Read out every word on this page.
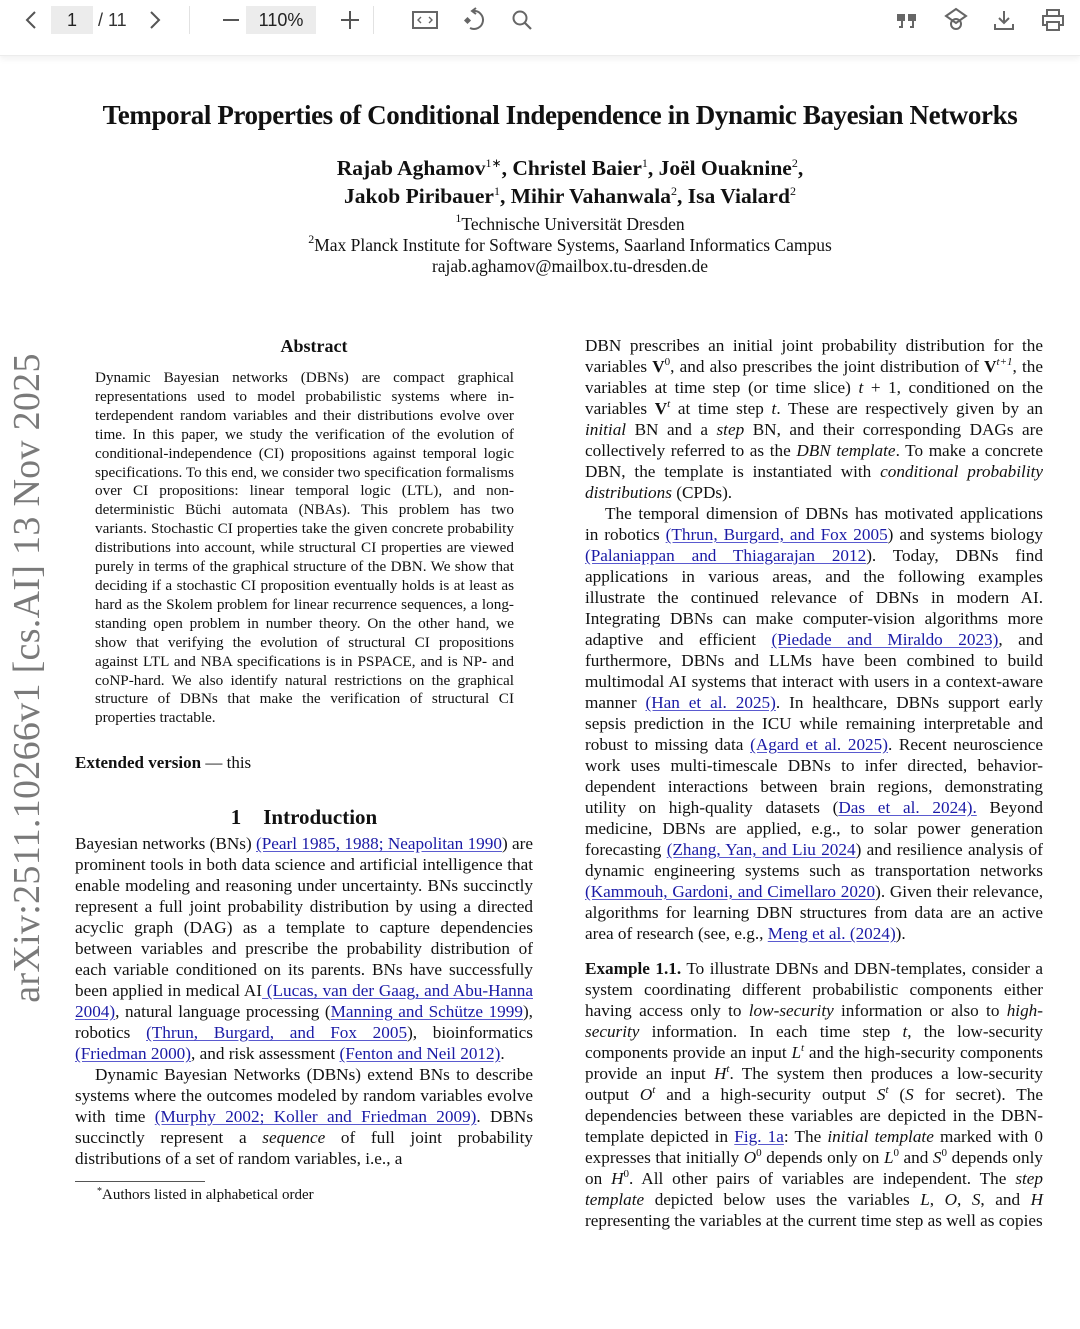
1	/ 11	110%
arXiv:2511.10266v1 [cs.AI] 13 Nov 2025
Temporal Properties of Conditional Independence in Dynamic Bayesian Networks
Rajab Aghamov$^{1∗}$, Christel Baier$^1$, Joël Ouaknine$^2$,
Jakob Piribauer$^1$, Mihir Vahanwala$^2$, Isa Vialard$^2$
$^1$Technische Universität Dresden
$^2$Max Planck Institute for Software Systems, Saarland Informatics Campus
rajab.aghamov@mailbox.tu-dresden.de
Abstract

Dynamic Bayesian networks (DBNs) are compact graphical representations used to model probabilistic systems where interdependent random variables and their distributions evolve over time. In this paper, we study the verification of the evolution of conditional-independence (CI) propositions against temporal logic specifications. To this end, we consider two specification formalisms over CI propositions: linear temporal logic (LTL), and non-deterministic Büchi automata (NBAs). This problem has two variants. Stochastic CI properties take the given concrete probability distributions into account, while structural CI properties are viewed purely in terms of the graphical structure of the DBN. We show that deciding if a stochastic CI proposition eventually holds is at least as hard as the Skolem problem for linear recurrence sequences, a long-standing open problem in number theory. On the other hand, we show that verifying the evolution of structural CI propositions against LTL and NBA specifications is in PSPACE, and is NP- and coNP-hard. We also identify natural restrictions on the graphical structure of DBNs that make the verification of structural CI properties tractable.

Extended version — this

1 Introduction

Bayesian networks (BNs) (Pearl 1985, 1988; Neapolitan 1990) are prominent tools in both data science and artificial intelligence that enable modeling and reasoning under uncertainty. BNs succinctly represent a full joint probability distribution by using a directed acyclic graph (DAG) as a template to capture dependencies between variables and prescribe the probability distribution of each variable conditioned on its parents. BNs have successfully been applied in medical AI (Lucas, van der Gaag, and Abu-Hanna 2004), natural language processing (Manning and Schütze 1999), robotics (Thrun, Burgard, and Fox 2005), bioinformatics (Friedman 2000), and risk assessment (Fenton and Neil 2012).

Dynamic Bayesian Networks (DBNs) extend BNs to describe systems where the outcomes modeled by random variables evolve with time (Murphy 2002; Koller and Friedman 2009). DBNs succinctly represent a sequence of full joint probability distributions of a set of random variables, i.e., a

*Authors listed in alphabetical order

DBN prescribes an initial joint probability distribution for the variables $V^0$, and also prescribes the joint distribution of $V^{t+1}$, the variables at time step (or time slice) t + 1, conditioned on the variables $V^t$ at time step t. These are respectively given by an initial BN and a step BN, and their corresponding DAGs are collectively referred to as the DBN template. To make a concrete DBN, the template is instantiated with conditional probability distributions (CPDs).

The temporal dimension of DBNs has motivated applications in robotics (Thrun, Burgard, and Fox 2005) and systems biology (Palaniappan and Thiagarajan 2012). Today, DBNs find applications in various areas, and the following examples illustrate the continued relevance of DBNs in modern AI. Integrating DBNs can make computer-vision algorithms more adaptive and efficient (Piedade and Miraldo 2023), and furthermore, DBNs and LLMs have been combined to build multimodal AI systems that interact with users in a context-aware manner (Han et al. 2025). In healthcare, DBNs support early sepsis prediction in the ICU while remaining interpretable and robust to missing data (Agard et al. 2025). Recent neuroscience work uses multi-timescale DBNs to infer directed, behavior-dependent interactions between brain regions, demonstrating utility on high-quality datasets (Das et al. 2024). Beyond medicine, DBNs are applied, e.g., to solar power generation forecasting (Zhang, Yan, and Liu 2024) and resilience analysis of dynamic engineering systems such as transportation networks (Kammouh, Gardoni, and Cimellaro 2020). Given their relevance, algorithms for learning DBN structures from data are an active area of research (see, e.g., Meng et al. (2024)).

Example 1.1. To illustrate DBNs and DBN-templates, consider a system coordinating different probabilistic components either having access only to low-security information or also to high-security information. In each time step t, the low-security components provide an input $L^t$ and the high-security components provide an input $H^t$. The system then produces a low-security output $O^t$ and a high-security output $S^t$ (S for secret). The dependencies between these variables are depicted in the DBN-template depicted in Fig. 1a: The initial template marked with 0 expresses that initially $O^0$ depends only on $L^0$ and $S^0$ depends only on $H^0$. All other pairs of variables are independent. The step template depicted below uses the variables L, O, S, and H representing the variables at the current time step as well as copies
